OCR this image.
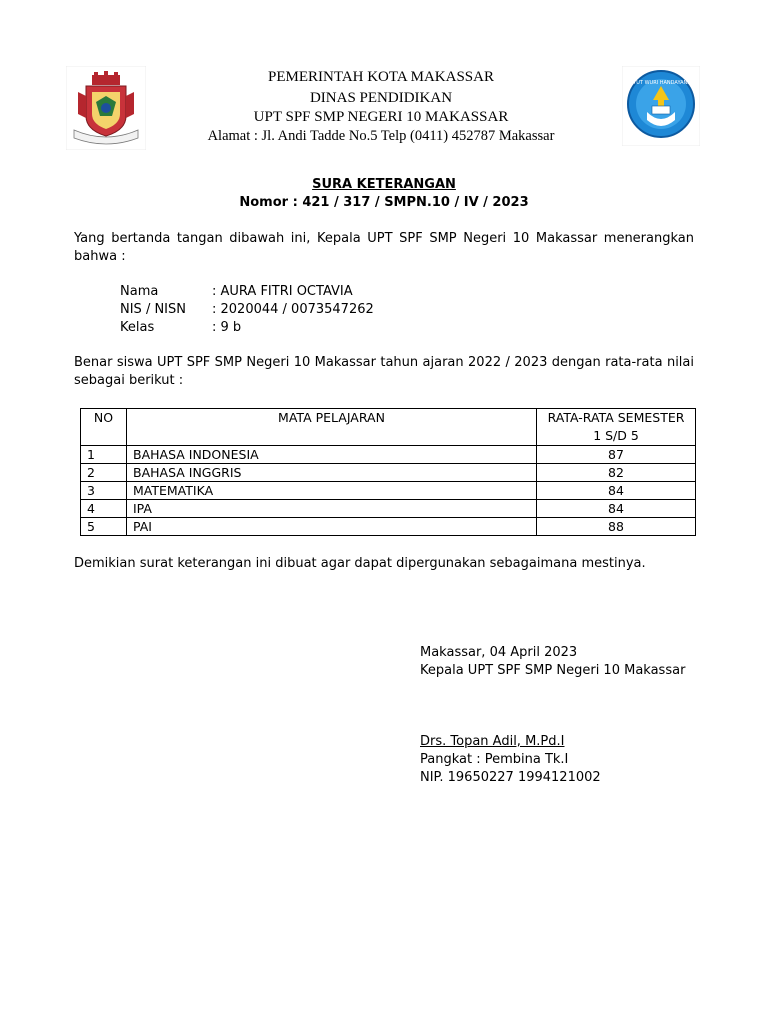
PEMERINTAH KOTA MAKASSAR
DINAS PENDIDIKAN
UPT SPF SMP NEGERI 10 MAKASSAR
Alamat : Jl. Andi Tadde No.5 Telp (0411) 452787 Makassar
TUT WURI HANDAYANI
SURA KETERANGAN
Nomor : 421 / 317 / SMPN.10 / IV / 2023
Yang bertanda tangan dibawah ini, Kepala UPT SPF SMP Negeri 10 Makassar menerangkan bahwa :
Nama	: AURA FITRI OCTAVIA
NIS / NISN : 2020044 / 0073547262
Kelas	: 9 b
Benar siswa UPT SPF SMP Negeri 10 Makassar tahun ajaran 2022 / 2023 dengan rata-rata nilai sebagai berikut :
NO	MATA PELAJARAN	RATA-RATA SEMESTER 1 S/D 5
1	BAHASA INDONESIA	87
2	BAHASA INGGRIS	82
3	MATEMATIKA	84
4	IPA	84
5	PAI	88
Demikian surat keterangan ini dibuat agar dapat dipergunakan sebagaimana mestinya.
Makassar, 04 April 2023
Kepala UPT SPF SMP Negeri 10 Makassar
Drs. Topan Adil, M.Pd.I
Pangkat : Pembina Tk.I
NIP. 19650227 1994121002
